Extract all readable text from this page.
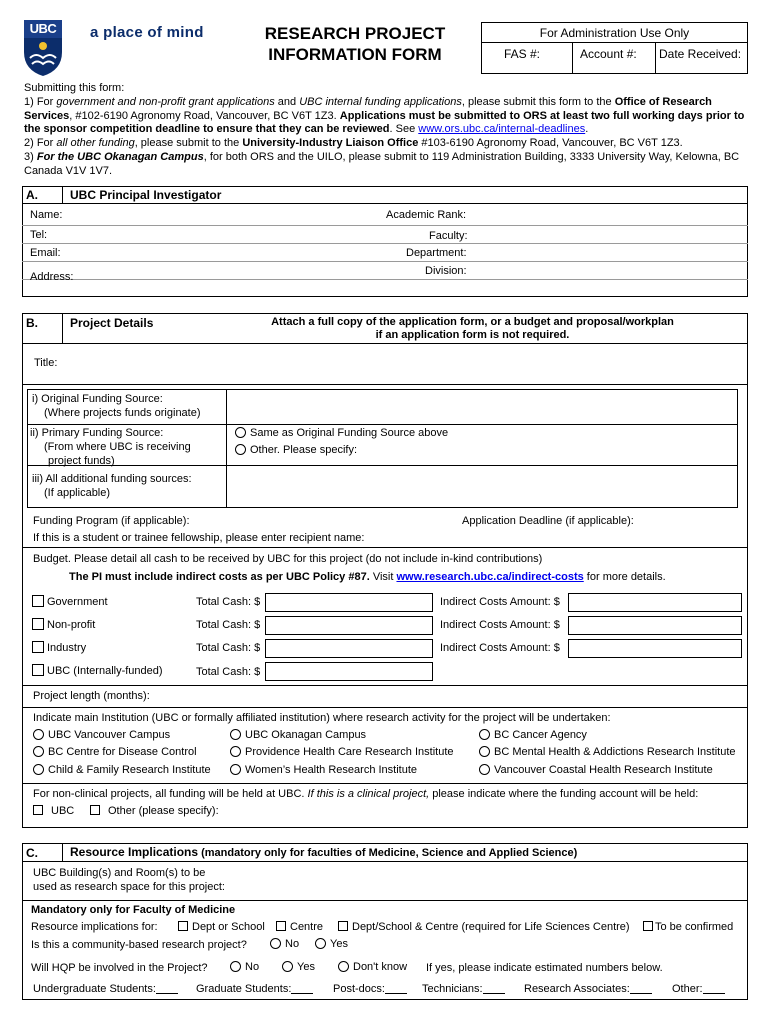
UBC	a place of mind	RESEARCH PROJECT
INFORMATION FORM
For Administration Use Only
FAS #:	Account #: Date Received:
Submitting this form:
1) For government and non-profit grant applications and UBC internal funding applications, please submit this form to the Office of Research Services, #102-6190 Agronomy Road, Vancouver, BC V6T 1Z3. Applications must be submitted to ORS at least two full working days prior to the sponsor competition deadline to ensure that they can be reviewed. See www.ors.ubc.ca/internal-deadlines.
2) For all other funding, please submit to the University-Industry Liaison Office #103-6190 Agronomy Road, Vancouver, BC V6T 1Z3.
3) For the UBC Okanagan Campus, for both ORS and the UILO, please submit to 119 Administration Building, 3333 University Way, Kelowna, BC Canada V1V 1V7.
A.	UBC Principal Investigator
Name:	Academic Rank:
Tel:	Faculty:
Email:	Department:
Address:	Division:
B.	Project Details	Attach a full copy of the application form, or a budget and proposal/workplan
if an application form is not required.
Title:
i) Original Funding Source:
(Where projects funds originate)
ii) Primary Funding Source:
(From where UBC is receiving
project funds)
Same as Original Funding Source above
Other. Please specify:
iii) All additional funding sources:
(If applicable)
Funding Program (if applicable):	Application Deadline (if applicable):
If this is a student or trainee fellowship, please enter recipient name:
Budget. Please detail all cash to be received by UBC for this project (do not include in-kind contributions)
The PI must include indirect costs as per UBC Policy #87. Visit www.research.ubc.ca/indirect-costs for more details.
Government	Total Cash: $	Indirect Costs Amount: $
Non-profit	Total Cash: $	Indirect Costs Amount: $
Industry	Total Cash: $	Indirect Costs Amount: $
UBC (Internally-funded)	Total Cash: $
Project length (months):
Indicate main Institution (UBC or formally affiliated institution) where research activity for the project will be undertaken:
UBC Vancouver Campus	UBC Okanagan Campus	BC Cancer Agency
BC Centre for Disease Control	Providence Health Care Research Institute	BC Mental Health & Addictions Research Institute
Child & Family Research Institute	Women’s Health Research Institute	Vancouver Coastal Health Research Institute
For non-clinical projects, all funding will be held at UBC. If this is a clinical project, please indicate where the funding account will be held:
UBC	Other (please specify):
C.	Resource Implications (mandatory only for faculties of Medicine, Science and Applied Science)
UBC Building(s) and Room(s) to be
used as research space for this project:
Mandatory only for Faculty of Medicine
Resource implications for:	Dept or School	Centre	Dept/School & Centre (required for Life Sciences Centre)	To be confirmed
Is this a community-based research project?	No	Yes
Will HQP be involved in the Project?	No	Yes	Don't know If yes, please indicate estimated numbers below.
Undergraduate Students:	Graduate Students:	Post-docs:	Technicians:	Research Associates:	Other:
